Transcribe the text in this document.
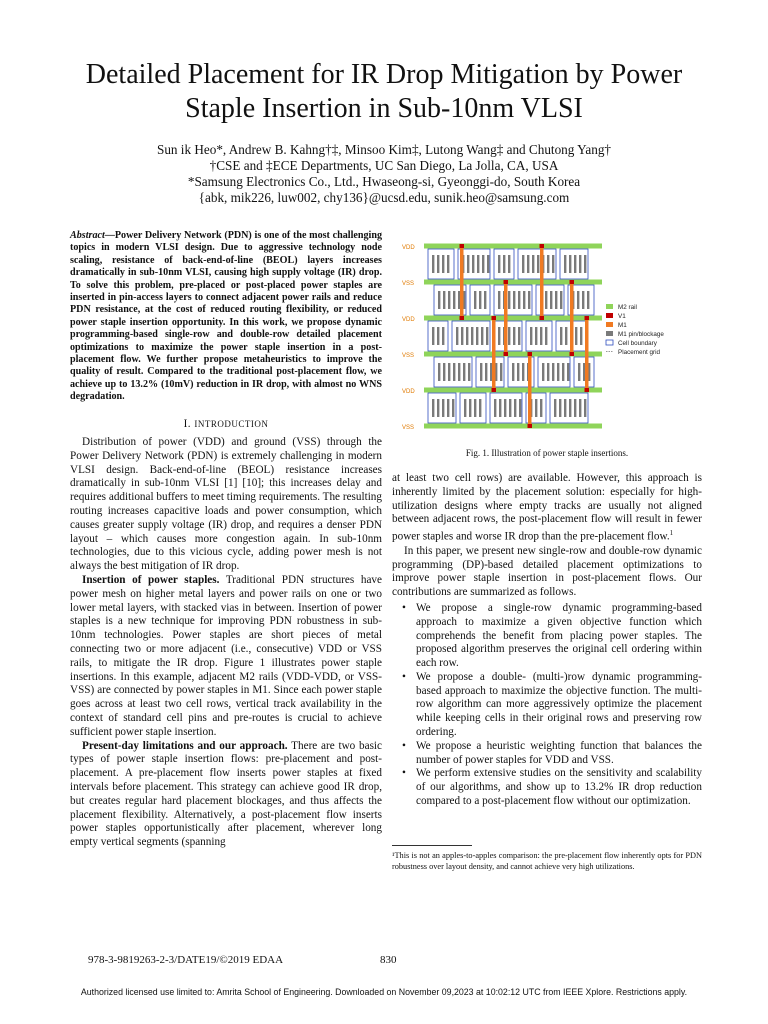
Detailed Placement for IR Drop Mitigation by Power
Staple Insertion in Sub-10nm VLSI
Sun ik Heo*, Andrew B. Kahng†‡, Minsoo Kim‡, Lutong Wang‡ and Chutong Yang†
†CSE and ‡ECE Departments, UC San Diego, La Jolla, CA, USA
*Samsung Electronics Co., Ltd., Hwaseong-si, Gyeonggi-do, South Korea
{abk, mik226, luw002, chy136}@ucsd.edu, sunik.heo@samsung.com
Abstract—Power Delivery Network (PDN) is one of the most challenging topics in modern VLSI design. Due to aggressive technology node scaling, resistance of back-end-of-line (BEOL) layers increases dramatically in sub-10nm VLSI, causing high supply voltage (IR) drop. To solve this problem, pre-placed or post-placed power staples are inserted in pin-access layers to connect adjacent power rails and reduce PDN resistance, at the cost of reduced routing flexibility, or reduced power staple insertion opportunity. In this work, we propose dynamic programming-based single-row and double-row detailed placement optimizations to maximize the power staple insertion in a post-placement flow. We further propose metaheuristics to improve the quality of result. Compared to the traditional post-placement flow, we achieve up to 13.2% (10mV) reduction in IR drop, with almost no WNS degradation.
I. INTRODUCTION

Distribution of power (VDD) and ground (VSS) through the Power Delivery Network (PDN) is extremely challenging in modern VLSI design. Back-end-of-line (BEOL) resistance increases dramatically in sub-10nm VLSI [1] [10]; this increases delay and requires additional buffers to meet timing requirements. The resulting routing increases capacitive loads and power consumption, which causes greater supply voltage (IR) drop, and requires a denser PDN layout – which causes more congestion again. In sub-10nm technologies, due to this vicious cycle, adding power mesh is not always the best mitigation of IR drop.

Insertion of power staples. Traditional PDN structures have power mesh on higher metal layers and power rails on one or two lower metal layers, with stacked vias in between. Insertion of power staples is a new technique for improving PDN robustness in sub-10nm technologies. Power staples are short pieces of metal connecting two or more adjacent (i.e., consecutive) VDD or VSS rails, to mitigate the IR drop. Figure 1 illustrates power staple insertions. In this example, adjacent M2 rails (VDD-VDD, or VSS-VSS) are connected by power staples in M1. Since each power staple goes across at least two cell rows, vertical track availability in the context of standard cell pins and pre-routes is crucial to achieve sufficient power staple insertion.

Present-day limitations and our approach. There are two basic types of power staple insertion flows: pre-placement and post-placement. A pre-placement flow inserts power staples at fixed intervals before placement. This strategy can achieve good IR drop, but creates regular hard placement blockages, and thus affects the placement flexibility. Alternatively, a post-placement flow inserts power staples opportunistically after placement, wherever long empty vertical segments (spanning

VDD
VSS
VDD
VSS
VDD
VSS
M2 rail
V1
M1
M1 pin/blockage
Cell boundary
Placement grid
Fig. 1. Illustration of power staple insertions.

at least two cell rows) are available. However, this approach is inherently limited by the placement solution: especially for high-utilization designs where empty tracks are usually not aligned between adjacent rows, the post-placement flow will result in fewer power staples and worse IR drop than the pre-placement flow.$^1$

In this paper, we present new single-row and double-row dynamic programming (DP)-based detailed placement optimizations to improve power staple insertion in post-placement flows. Our contributions are summarized as follows.

• We propose a single-row dynamic programming-based approach to maximize a given objective function which comprehends the benefit from placing power staples. The proposed algorithm preserves the original cell ordering within each row.
• We propose a double- (multi-)row dynamic programming-based approach to maximize the objective function. The multi-row algorithm can more aggressively optimize the placement while keeping cells in their original rows and preserving row ordering.
• We propose a heuristic weighting function that balances the number of power staples for VDD and VSS.
• We perform extensive studies on the sensitivity and scalability of our algorithms, and show up to 13.2% IR drop reduction compared to a post-placement flow without our optimization.
¹This is not an apples-to-apples comparison: the pre-placement flow inherently opts for PDN robustness over layout density, and cannot achieve very high utilizations.
978-3-9819263-2-3/DATE19/©2019 EDAA	830
Authorized licensed use limited to: Amrita School of Engineering. Downloaded on November 09,2023 at 10:02:12 UTC from IEEE Xplore. Restrictions apply.
